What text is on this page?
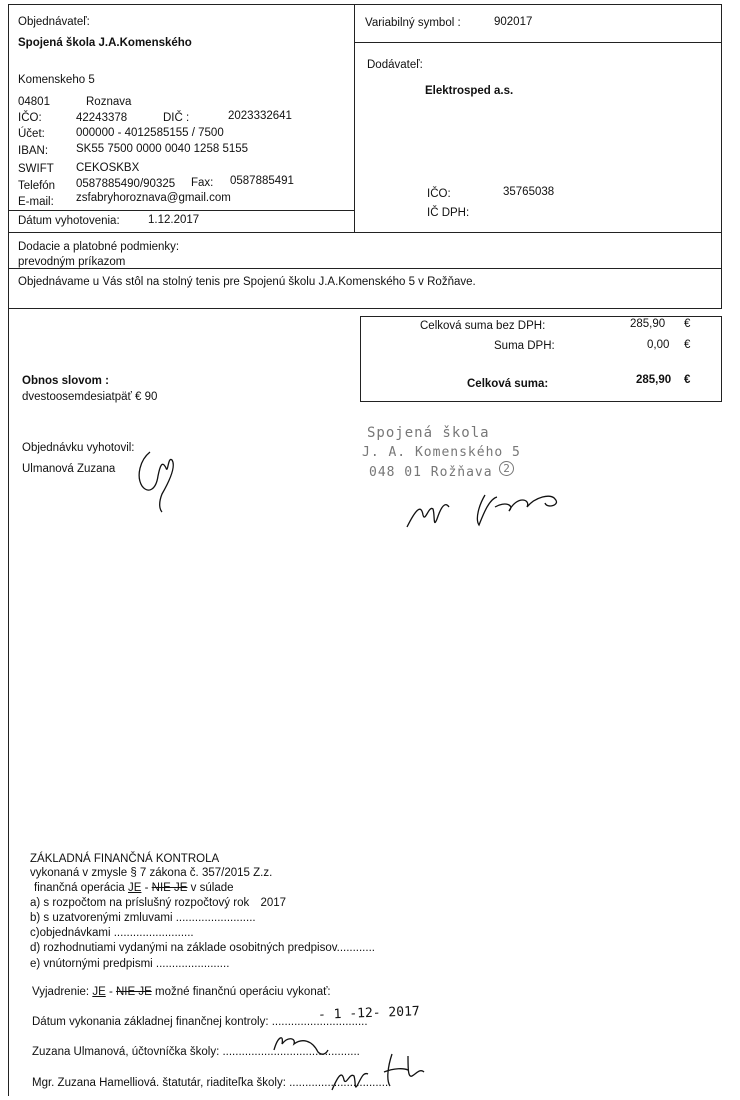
Objednávateľ:
Spojená škola J.A.Komenského
Komenskeho 5
04801	Roznava
IČO:	42243378	DIČ :	2023332641
Účet:	000000 - 4012585155 / 7500
IBAN: SK55 7500 0000 0040 1258 5155
SWIFT CEKOSKBX
Telefón 0587885490/90325 Fax: 0587885491
E-mail: zsfabryhoroznava@gmail.com
Dátum vyhotovenia: 1.12.2017
Variabilný symbol :	902017
Dodávateľ:
Elektrosped a.s.
IČO:	35765038
IČ DPH:
Dodacie a platobné podmienky:
prevodným príkazom
Objednávame u Vás stôl na stolný tenis pre Spojenú školu J.A.Komenského 5 v Rožňave.
Celková suma bez DPH:	285,90 €
Suma DPH:	0,00 €
Celková suma:	285,90 €
Obnos slovom :
dvestoosemdesiatpäť € 90
Objednávku vyhotovil:
Ulmanová Zuzana
Spojená škola
J. A. Komenského 5
048 01 Rožňava 2
ZÁKLADNÁ FINANČNÁ KONTROLA
vykonaná v zmysle § 7 zákona č. 357/2015 Z.z.
finančná operácia JE - NIE JE v súlade
a) s rozpočtom na príslušný rozpočtový rok 2017
b) s uzatvorenými zmluvami .........................
c)objednávkami .........................
d) rozhodnutiami vydanými na základe osobitných predpisov............
e) vnútornými predpismi .......................
Vyjadrenie: JE - NIE JE možné finančnú operáciu vykonať:
Dátum vykonania základnej finančnej kontroly: ..............................
- 1 -12- 2017
Zuzana Ulmanová, účtovníčka školy: ...........................................
Mgr. Zuzana Hamelliová. štatutár, riaditeľka školy: ...............................
